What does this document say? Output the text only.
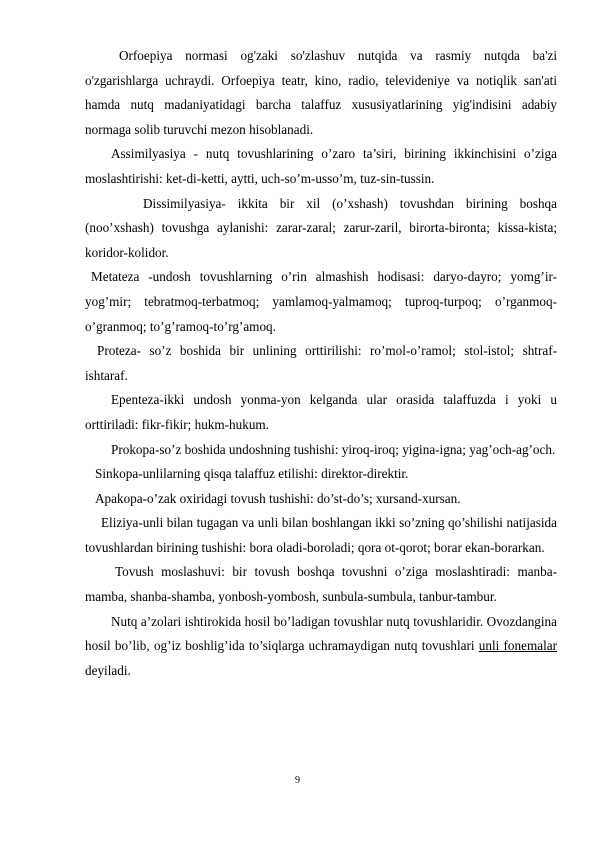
Orfoepiya normasi og'zaki so'zlashuv nutqida va rasmiy nutqda ba'zi o'zgarishlarga uchraydi. Orfoepiya teatr, kino, radio, televideniye va notiqlik san'ati hamda nutq madaniyatidagi barcha talaffuz xususiyatlarining yig'indisini adabiy normaga solib turuvchi mezon hisoblanadi.

Assimilyasiya - nutq tovushlarining o’zaro ta’siri, birining ikkinchisini o’ziga moslashtirishi: ket-di-ketti, aytti, uch-so’m-usso’m, tuz-sin-tussin.

Dissimilyasiya- ikkita bir xil (o’xshash) tovushdan birining boshqa (noo’xshash) tovushga aylanishi: zarar-zaral; zarur-zaril, birorta-bironta; kissa-kista; koridor-kolidor.

Metateza -undosh tovushlarning o’rin almashish hodisasi: daryo-dayro; yomg’ir-yog’mir; tebratmoq-terbatmoq; yamlamoq-yalmamoq; tuproq-turpoq; o’rganmoq-o’granmoq; to’g’ramoq-to’rg’amoq.

Proteza- so’z boshida bir unlining orttirilishi: ro’mol-o’ramol; stol-istol; shtraf-ishtaraf.

Epenteza-ikki undosh yonma-yon kelganda ular orasida talaffuzda i yoki u orttiriladi: fikr-fikir; hukm-hukum.

Prokopa-so’z boshida undoshning tushishi: yiroq-iroq; yigina-igna; yag’och-ag’och.

Sinkopa-unlilarning qisqa talaffuz etilishi: direktor-direktir.

Apakopa-o’zak oxiridagi tovush tushishi: do’st-do’s; xursand-xursan.

Eliziya-unli bilan tugagan va unli bilan boshlangan ikki so’zning qo’shilishi natijasida tovushlardan birining tushishi: bora oladi-boroladi; qora ot-qorot; borar ekan-borarkan.

Tovush moslashuvi: bir tovush boshqa tovushni o’ziga moslashtiradi: manba-mamba, shanba-shamba, yonbosh-yombosh, sunbula-sumbula, tanbur-tambur.

Nutq a’zolari ishtirokida hosil bo’ladigan tovushlar nutq tovushlaridir. Ovozdangina hosil bo’lib, og’iz boshlig’ida to’siqlarga uchramaydigan nutq tovushlari unli fonemalar deyiladi.

9
